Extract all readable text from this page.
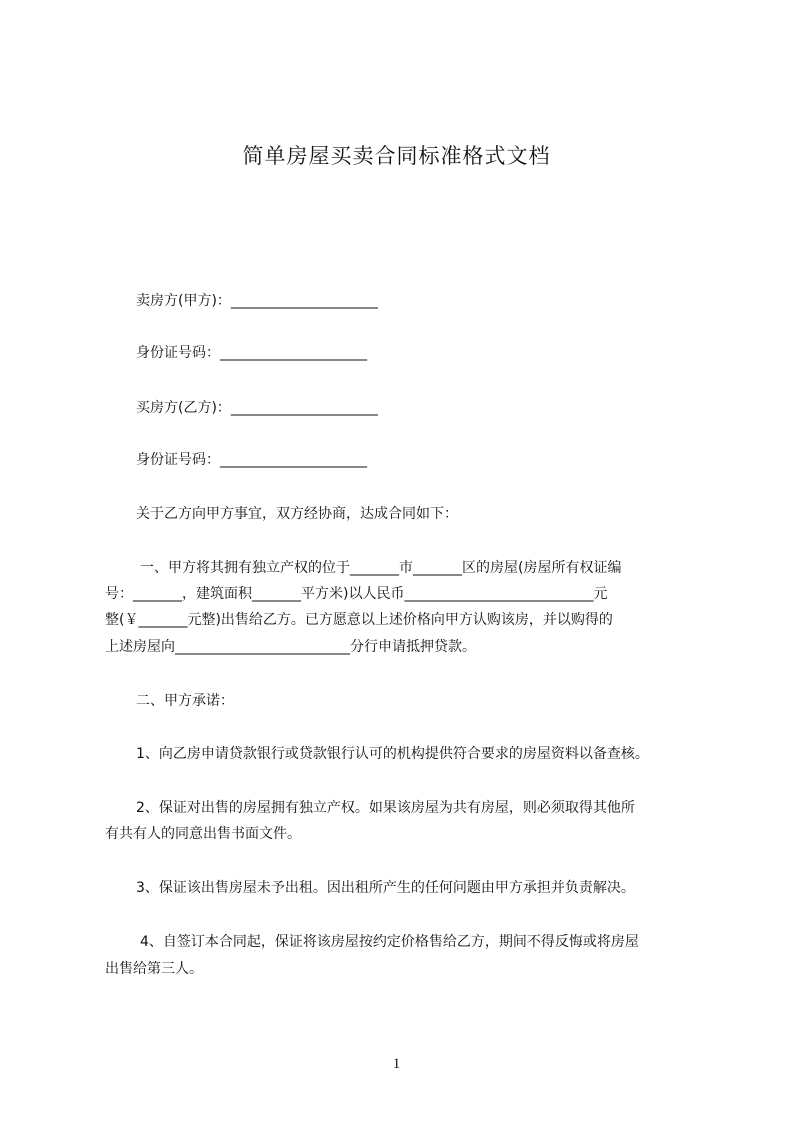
简单房屋买卖合同标准格式文档
卖房方(甲方)：_____________________
身份证号码：_____________________
买房方(乙方)：_____________________
身份证号码：_____________________
关于乙方向甲方事宜，双方经协商，达成合同如下：
一、甲方将其拥有独立产权的位于_______市_______区的房屋(房屋所有权证编
号：_______，建筑面积_______平方米)以人民币___________________________元
整(￥_______元整)出售给乙方。已方愿意以上述价格向甲方认购该房，并以购得的
上述房屋向_________________________分行申请抵押贷款。
二、甲方承诺：
1、向乙房申请贷款银行或贷款银行认可的机构提供符合要求的房屋资料以备查核。
2、保证对出售的房屋拥有独立产权。如果该房屋为共有房屋，则必须取得其他所
有共有人的同意出售书面文件。
3、保证该出售房屋未予出租。因出租所产生的任何问题由甲方承担并负责解决。
4、自签订本合同起，保证将该房屋按约定价格售给乙方，期间不得反悔或将房屋
出售给第三人。
1
